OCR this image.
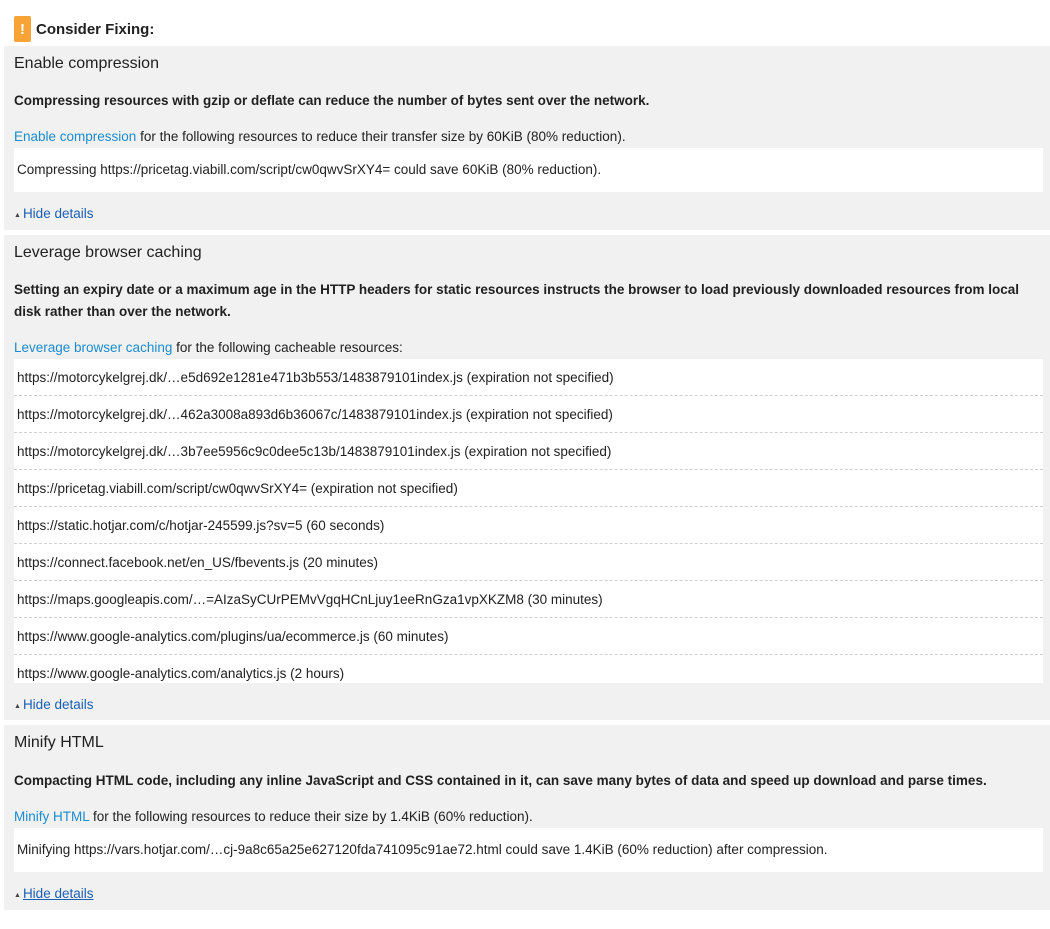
! Consider Fixing:
Enable compression
Compressing resources with gzip or deflate can reduce the number of bytes sent over the network.
Enable compression for the following resources to reduce their transfer size by 60KiB (80% reduction).
Compressing https://pricetag.viabill.com/script/cw0qwvSrXY4= could save 60KiB (80% reduction).
▲ Hide details
Leverage browser caching
Setting an expiry date or a maximum age in the HTTP headers for static resources instructs the browser to load previously downloaded resources from local disk rather than over the network.
Leverage browser caching for the following cacheable resources:
https://motorcykelgrej.dk/…e5d692e1281e471b3b553/1483879101index.js (expiration not specified)
https://motorcykelgrej.dk/…462a3008a893d6b36067c/1483879101index.js (expiration not specified)
https://motorcykelgrej.dk/…3b7ee5956c9c0dee5c13b/1483879101index.js (expiration not specified)
https://pricetag.viabill.com/script/cw0qwvSrXY4= (expiration not specified)
https://static.hotjar.com/c/hotjar-245599.js?sv=5 (60 seconds)
https://connect.facebook.net/en_US/fbevents.js (20 minutes)
https://maps.googleapis.com/…=AIzaSyCUrPEMvVgqHCnLjuy1eeRnGza1vpXKZM8 (30 minutes)
https://www.google-analytics.com/plugins/ua/ecommerce.js (60 minutes)
https://www.google-analytics.com/analytics.js (2 hours)
▲ Hide details
Minify HTML
Compacting HTML code, including any inline JavaScript and CSS contained in it, can save many bytes of data and speed up download and parse times.
Minify HTML for the following resources to reduce their size by 1.4KiB (60% reduction).
Minifying https://vars.hotjar.com/…cj-9a8c65a25e627120fda741095c91ae72.html could save 1.4KiB (60% reduction) after compression.
▲ Hide details
